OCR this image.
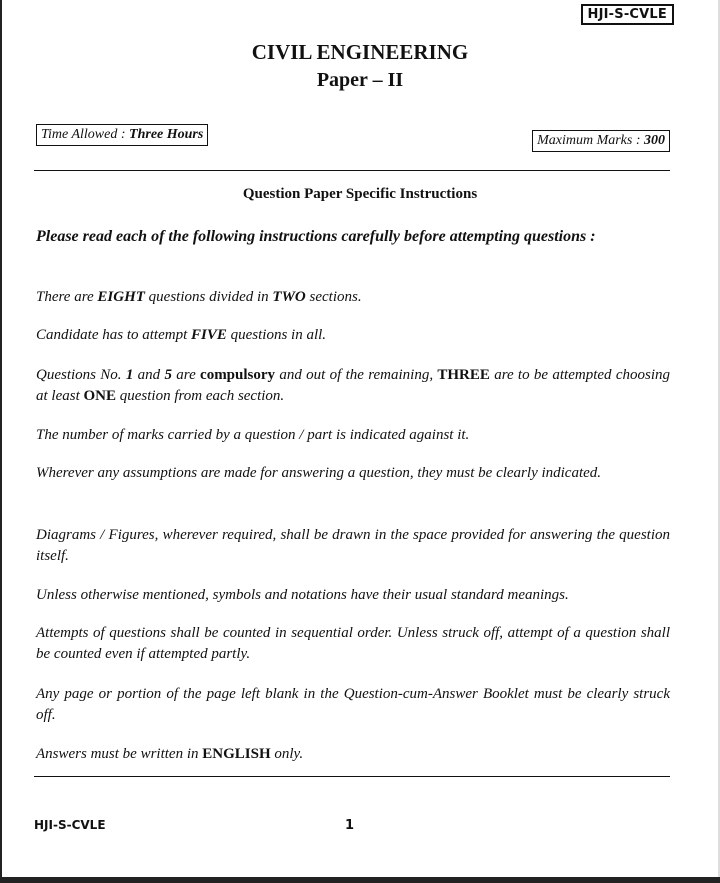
HJI-S-CVLE
CIVIL ENGINEERING
Paper – II
Time Allowed : Three Hours	Maximum Marks : 300
Question Paper Specific Instructions
Please read each of the following instructions carefully before attempting questions :
There are EIGHT questions divided in TWO sections.
Candidate has to attempt FIVE questions in all.
Questions No. 1 and 5 are compulsory and out of the remaining, THREE are to be attempted choosing at least ONE question from each section.
The number of marks carried by a question / part is indicated against it.
Wherever any assumptions are made for answering a question, they must be clearly indicated.
Diagrams / Figures, wherever required, shall be drawn in the space provided for answering the question itself.
Unless otherwise mentioned, symbols and notations have their usual standard meanings.
Attempts of questions shall be counted in sequential order. Unless struck off, attempt of a question shall be counted even if attempted partly.
Any page or portion of the page left blank in the Question-cum-Answer Booklet must be clearly struck off.
Answers must be written in ENGLISH only.
HJI-S-CVLE	1
